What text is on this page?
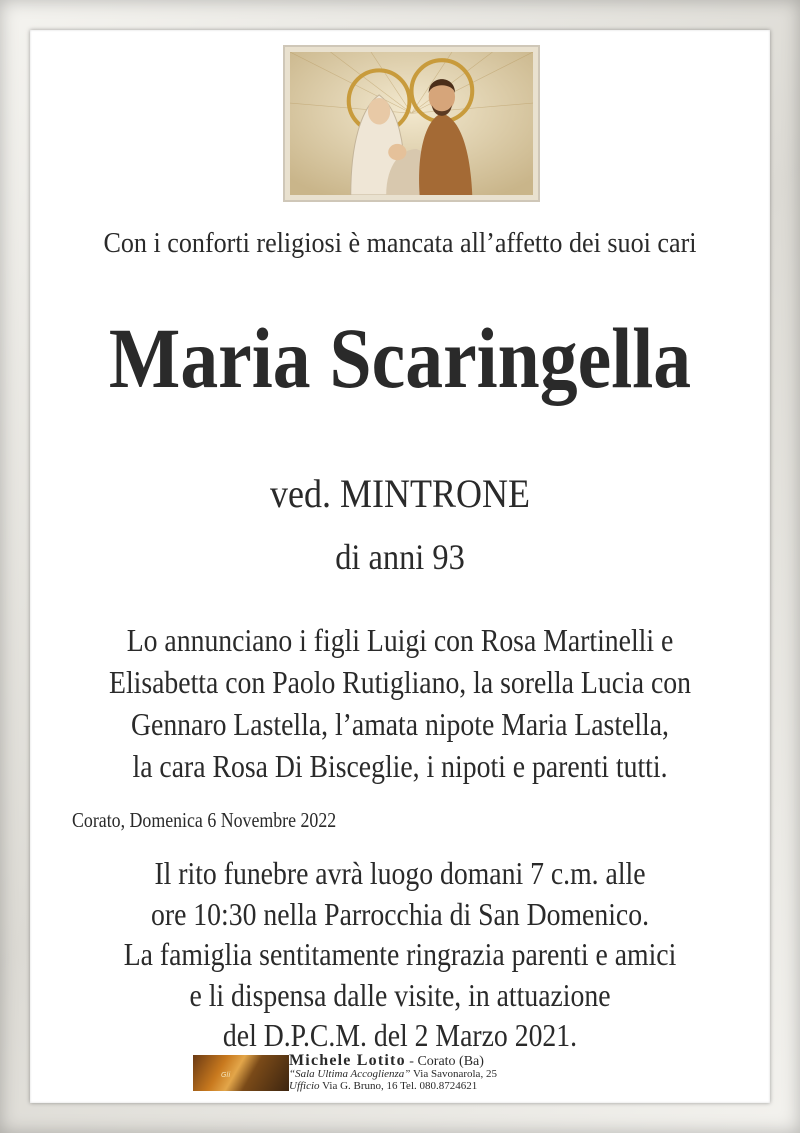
Con i conforti religiosi è mancata all’affetto dei suoi cari
Maria Scaringella
ved. MINTRONE
di anni 93
Lo annunciano i figli Luigi con Rosa Martinelli e
Elisabetta con Paolo Rutigliano, la sorella Lucia con
Gennaro Lastella, l’amata nipote Maria Lastella,
la cara Rosa Di Bisceglie, i nipoti e parenti tutti.
Corato, Domenica 6 Novembre 2022
Il rito funebre avrà luogo domani 7 c.m. alle
ore 10:30 nella Parrocchia di San Domenico.
La famiglia sentitamente ringrazia parenti e amici
e li dispensa dalle visite, in attuazione
del D.P.C.M. del 2 Marzo 2021.
Gli
Michele Lotito - Corato (Ba)
“Sala Ultima Accoglienza” Via Savonarola, 25
Ufficio Via G. Bruno, 16 Tel. 080.8724621
